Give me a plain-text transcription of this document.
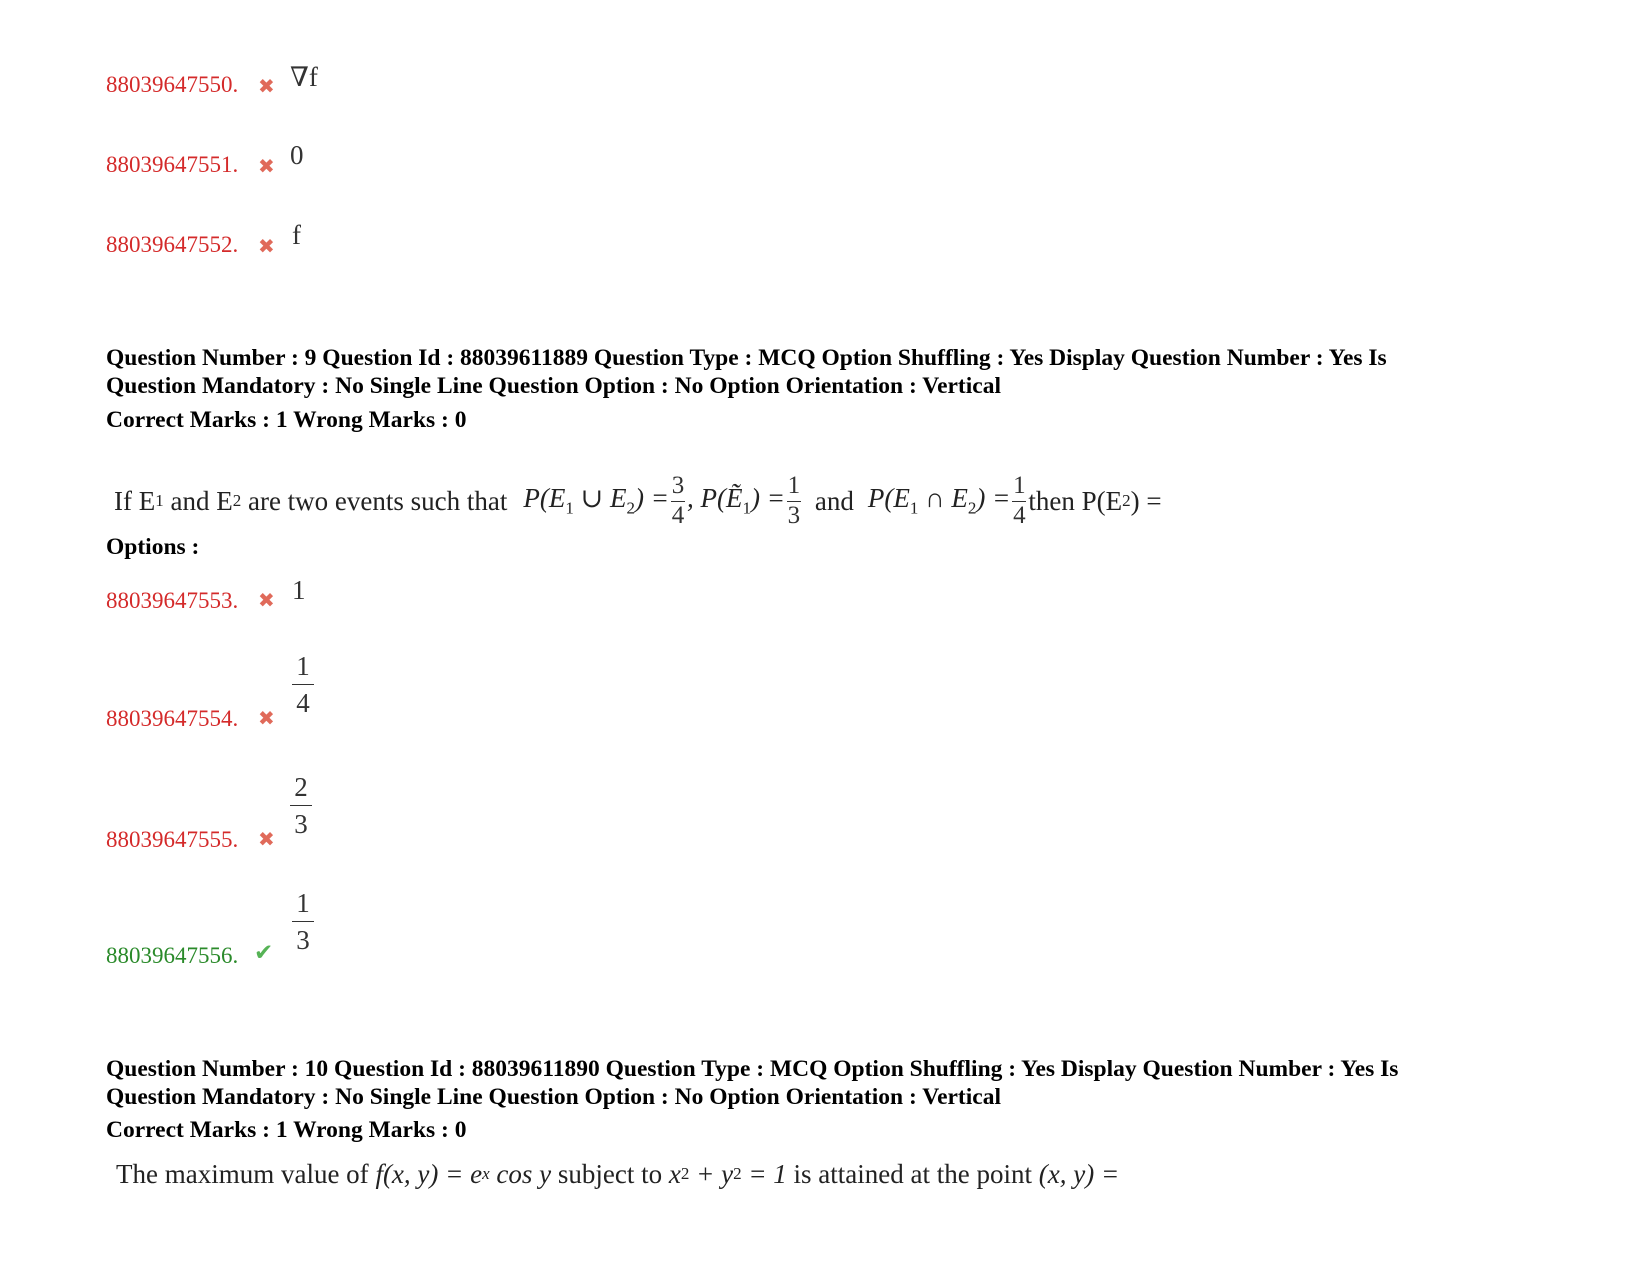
88039647550. ✖ ∇f
88039647551. ✖ 0
88039647552. ✖ f
Question Number : 9 Question Id : 88039611889 Question Type : MCQ Option Shuffling : Yes Display Question Number : Yes Is
Question Mandatory : No Single Line Question Option : No Option Orientation : Vertical
Correct Marks : 1 Wrong Marks : 0
If E 1 and E 2 are two events such that $P(E_1$ ∪ $E_2) = \frac{3}{4}$ , P(Ẽ$_1$) = $\frac{1}{3}$ and $P(E_1$ ∩ $E_2) = \frac{1}{4}$ then P(E 2 ) =
Options :
88039647553. ✖ 1
88039647554. ✖
1
4
88039647555. ✖
2
3
88039647556. ✔
1
3
Question Number : 10 Question Id : 88039611890 Question Type : MCQ Option Shuffling : Yes Display Question Number : Yes Is
Question Mandatory : No Single Line Question Option : No Option Orientation : Vertical
Correct Marks : 1 Wrong Marks : 0
The maximum value of f(x, y) = e x cos y subject to x 2 + y 2 = 1 is attained at the point (x, y) =
